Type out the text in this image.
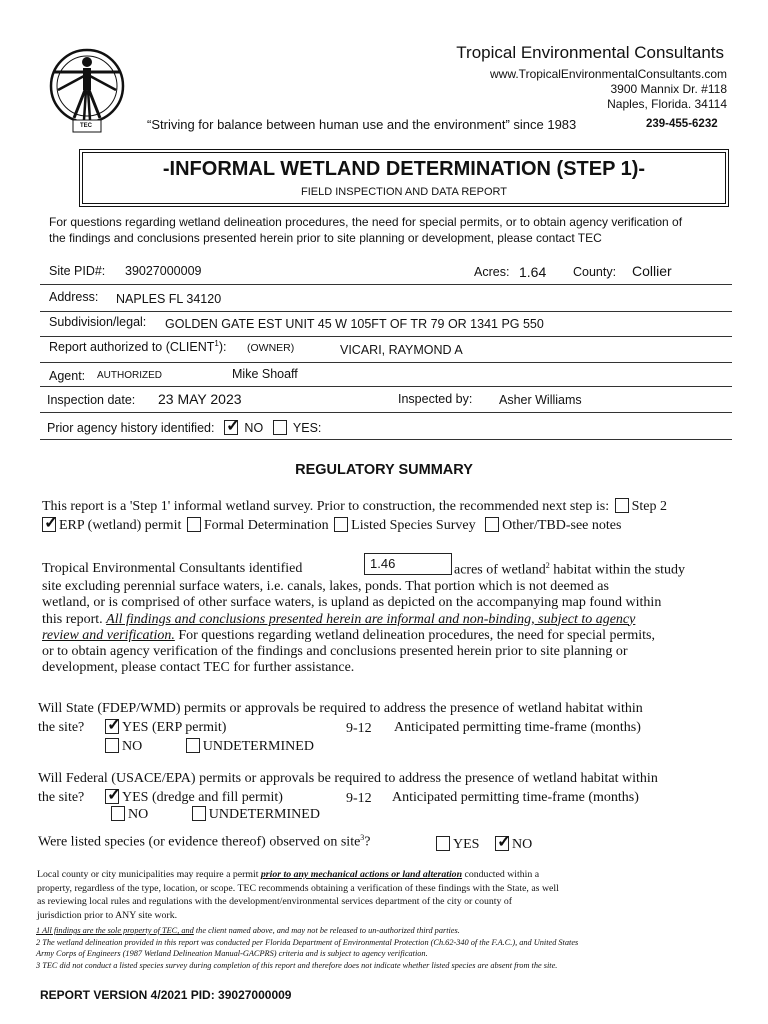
TEC
Tropical Environmental Consultants
www.TropicalEnvironmentalConsultants.com
3900 Mannix Dr. #118
Naples, Florida. 34114
“Striving for balance between human use and the environment” since 1983	239-455-6232
-INFORMAL WETLAND DETERMINATION (STEP 1)-
FIELD INSPECTION AND DATA REPORT
For questions regarding wetland delineation procedures, the need for special permits, or to obtain agency verification of the findings and conclusions presented herein prior to site planning or development, please contact TEC
Site PID#: 39027000009	Acres: 1.64 County: Collier
Address: NAPLES FL 34120
Subdivision/legal: GOLDEN GATE EST UNIT 45 W 105FT OF TR 79 OR 1341 PG 550
Report authorized to (CLIENT$^1$): (OWNER)	VICARI, RAYMOND A
Agent: AUTHORIZED	Mike Shoaff
Inspection date: 23 MAY 2023	Inspected by: Asher Williams
Prior agency history identified: ✓ NO YES:
REGULATORY SUMMARY
This report is a 'Step 1' informal wetland survey. Prior to construction, the recommended next step is: Step 2
✓ ERP (wetland) permit Formal Determination Listed Species Survey Other/TBD-see notes
Tropical Environmental Consultants identified	1.46	acres of wetland$^2$ habitat within the study
site excluding perennial surface waters, i.e. canals, lakes, ponds. That portion which is not deemed as
wetland, or is comprised of other surface waters, is upland as depicted on the accompanying map found within
this report. All findings and conclusions presented herein are informal and non-binding, subject to agency
review and verification. For questions regarding wetland delineation procedures, the need for special permits,
or to obtain agency verification of the findings and conclusions presented herein prior to site planning or
development, please contact TEC for further assistance.
Will State (FDEP/WMD) permits or approvals be required to address the presence of wetland habitat within
the site? ✓ YES (ERP permit)	9-12 Anticipated permitting time-frame (months)
NO	UNDETERMINED
Will Federal (USACE/EPA) permits or approvals be required to address the presence of wetland habitat within
the site? ✓ YES (dredge and fill permit)	9-12 Anticipated permitting time-frame (months)
NO	UNDETERMINED
Were listed species (or evidence thereof) observed on site$^3$?	YES ✓ NO
Local county or city municipalities may require a permit prior to any mechanical actions or land alteration conducted within a
property, regardless of the type, location, or scope. TEC recommends obtaining a verification of these findings with the State, as well
as reviewing local rules and regulations with the development/environmental services department of the city or county of
jurisdiction prior to ANY site work.
1 All findings are the sole property of TEC, and the client named above, and may not be released to un-authorized third parties.
2 The wetland delineation provided in this report was conducted per Florida Department of Environmental Protection (Ch.62-340 of the F.A.C.), and United States
Army Corps of Engineers (1987 Wetland Delineation Manual-GACPRS) criteria and is subject to agency verification.
3 TEC did not conduct a listed species survey during completion of this report and therefore does not indicate whether listed species are absent from the site.
REPORT VERSION 4/2021 PID: 39027000009
